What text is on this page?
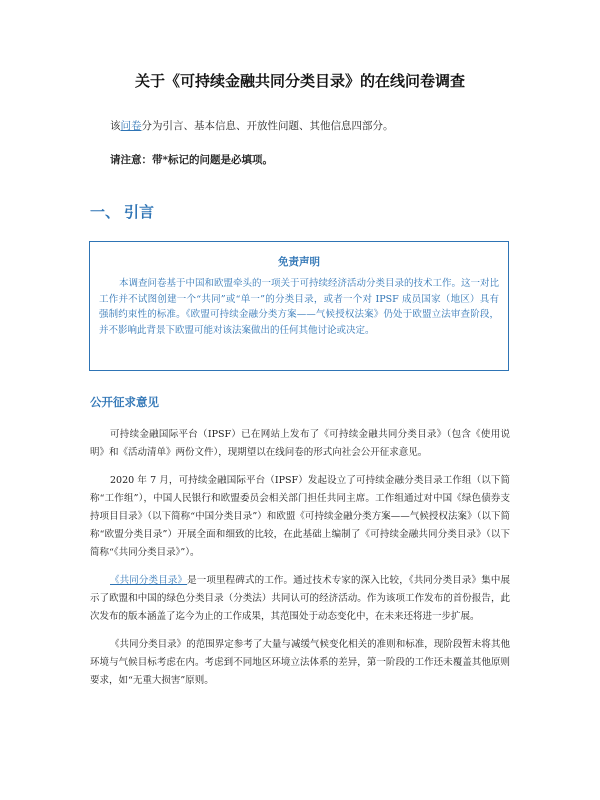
关于《可持续金融共同分类目录》的在线问卷调查

该问卷分为引言、基本信息、开放性问题、其他信息四部分。

请注意：带*标记的问题是必填项。

一、 引言
免责声明

本调查问卷基于中国和欧盟牵头的一项关于可持续经济活动分类目录的技术工作。这一对比工作并不试图创建一个“共同”或“单一”的分类目录，或者一个对 IPSF 成员国家（地区）具有强制约束性的标准。《欧盟可持续金融分类方案——气候授权法案》仍处于欧盟立法审查阶段，并不影响此背景下欧盟可能对该法案做出的任何其他讨论或决定。

公开征求意见

可持续金融国际平台（IPSF）已在网站上发布了《可持续金融共同分类目录》（包含《使用说明》和《活动清单》两份文件），现期望以在线问卷的形式向社会公开征求意见。

2020 年 7 月，可持续金融国际平台（IPSF）发起设立了可持续金融分类目录工作组（以下简称“工作组”），中国人民银行和欧盟委员会相关部门担任共同主席。工作组通过对中国《绿色债券支持项目目录》（以下简称“中国分类目录”）和欧盟《可持续金融分类方案——气候授权法案》（以下简称“欧盟分类目录”）开展全面和细致的比较，在此基础上编制了《可持续金融共同分类目录》（以下简称“《共同分类目录》”）。

《共同分类目录》是一项里程碑式的工作。通过技术专家的深入比较，《共同分类目录》集中展示了欧盟和中国的绿色分类目录（分类法）共同认可的经济活动。作为该项工作发布的首份报告，此次发布的版本涵盖了迄今为止的工作成果，其范围处于动态变化中，在未来还将进一步扩展。

《共同分类目录》的范围界定参考了大量与减缓气候变化相关的准则和标准，现阶段暂未将其他环境与气候目标考虑在内。考虑到不同地区环境立法体系的差异，第一阶段的工作还未覆盖其他原则要求，如“无重大损害”原则。
